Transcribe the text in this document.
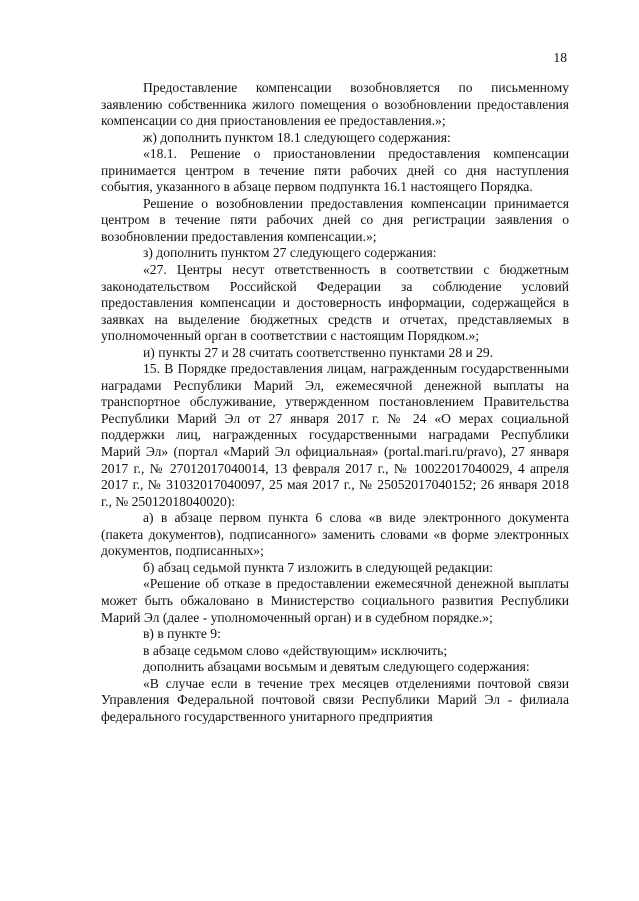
18

Предоставление компенсации возобновляется по письменному заявлению собственника жилого помещения о возобновлении предоставления компенсации со дня приостановления ее предоставления.»;

ж) дополнить пунктом 18.1 следующего содержания:

«18.1. Решение о приостановлении предоставления компенсации принимается центром в течение пяти рабочих дней со дня наступления события, указанного в абзаце первом подпункта 16.1 настоящего Порядка.

Решение о возобновлении предоставления компенсации принимается центром в течение пяти рабочих дней со дня регистрации заявления о возобновлении предоставления компенсации.»;

з) дополнить пунктом 27 следующего содержания:

«27. Центры несут ответственность в соответствии с бюджетным законодательством Российской Федерации за соблюдение условий предоставления компенсации и достоверность информации, содержащейся в заявках на выделение бюджетных средств и отчетах, представляемых в уполномоченный орган в соответствии с настоящим Порядком.»;

и) пункты 27 и 28 считать соответственно пунктами 28 и 29.

15. В Порядке предоставления лицам, награжденным государственными наградами Республики Марий Эл, ежемесячной денежной выплаты на транспортное обслуживание, утвержденном постановлением Правительства Республики Марий Эл от 27 января 2017 г. № 24 «О мерах социальной поддержки лиц, награжденных государственными наградами Республики Марий Эл» (портал «Марий Эл официальная» (portal.mari.ru/pravo), 27 января 2017 г., № 27012017040014, 13 февраля 2017 г., № 10022017040029, 4 апреля 2017 г., № 31032017040097, 25 мая 2017 г., № 25052017040152; 26 января 2018 г., № 25012018040020):

а) в абзаце первом пункта 6 слова «в виде электронного документа (пакета документов), подписанного» заменить словами «в форме электронных документов, подписанных»;

б) абзац седьмой пункта 7 изложить в следующей редакции:

«Решение об отказе в предоставлении ежемесячной денежной выплаты может быть обжаловано в Министерство социального развития Республики Марий Эл (далее - уполномоченный орган) и в судебном порядке.»;

в) в пункте 9:

в абзаце седьмом слово «действующим» исключить;

дополнить абзацами восьмым и девятым следующего содержания:

«В случае если в течение трех месяцев отделениями почтовой связи Управления Федеральной почтовой связи Республики Марий Эл - филиала федерального государственного унитарного предприятия
